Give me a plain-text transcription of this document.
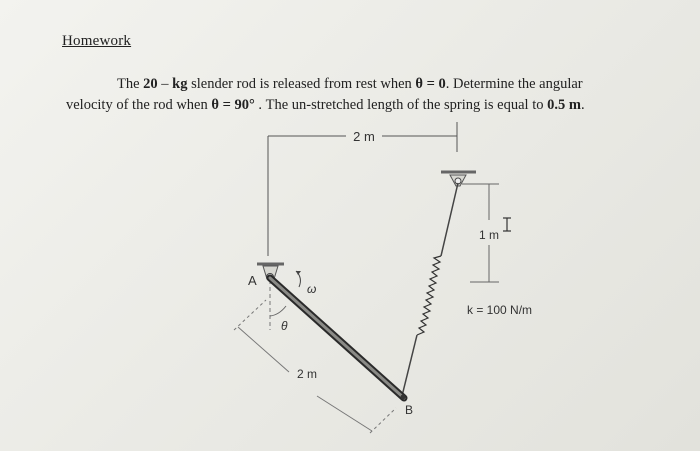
Homework
The 20 – kg slender rod is released from rest when θ = 0. Determine the angular
velocity of the rod when θ = 90° . The un-stretched length of the spring is equal to 0.5 m.
2 m
1 m
k = 100 N/m
A
ω
θ
B
2 m
